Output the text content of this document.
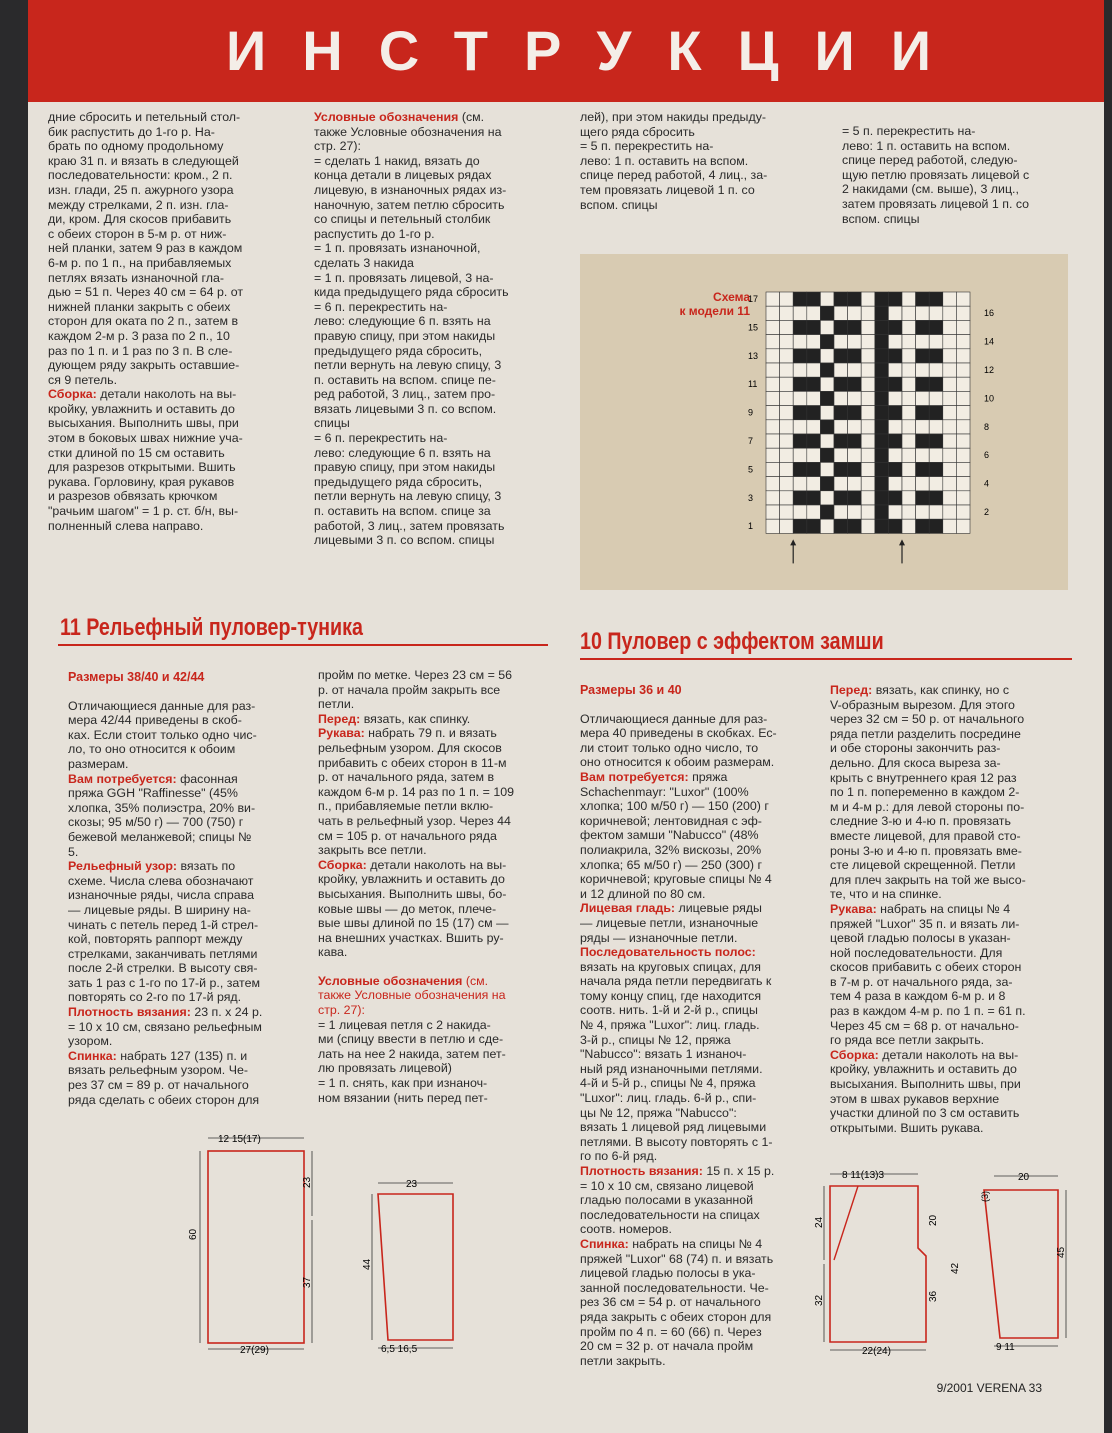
ИНСТРУКЦИИ
дние сбросить и петельный стол-
бик распустить до 1-го р. На-
брать по одному продольному
краю 31 п. и вязать в следующей
последовательности: кром., 2 п.
изн. глади, 25 п. ажурного узора
между стрелками, 2 п. изн. гла-
ди, кром. Для скосов прибавить
с обеих сторон в 5-м р. от ниж-
ней планки, затем 9 раз в каждом
6-м р. по 1 п., на прибавляемых
петлях вязать изнаночной гла-
дью = 51 п. Через 40 см = 64 р. от
нижней планки закрыть с обеих
сторон для оката по 2 п., затем в
каждом 2-м р. 3 раза по 2 п., 10
раз по 1 п. и 1 раз по 3 п. В сле-
дующем ряду закрыть оставшие-
ся 9 петель.
Сборка: детали наколоть на вы-
кройку, увлажнить и оставить до
высыхания. Выполнить швы, при
этом в боковых швах нижние уча-
стки длиной по 15 см оставить
для разрезов открытыми. Вшить
рукава. Горловину, края рукавов
и разрезов обвязать крючком
"рачьим шагом" = 1 р. ст. б/н, вы-
полненный слева направо.
Условные обозначения (см.
также Условные обозначения на
стр. 27):
= сделать 1 накид, вязать до
конца детали в лицевых рядах
лицевую, в изнаночных рядах из-
наночную, затем петлю сбросить
со спицы и петельный столбик
распустить до 1-го р.
= 1 п. провязать изнаночной,
сделать 3 накида
= 1 п. провязать лицевой, 3 на-
кида предыдущего ряда сбросить
= 6 п. перекрестить на-
лево: следующие 6 п. взять на
правую спицу, при этом накиды
предыдущего ряда сбросить,
петли вернуть на левую спицу, 3
п. оставить на вспом. спице пе-
ред работой, 3 лиц., затем про-
вязать лицевыми 3 п. со вспом.
спицы
= 6 п. перекрестить на-
лево: следующие 6 п. взять на
правую спицу, при этом накиды
предыдущего ряда сбросить,
петли вернуть на левую спицу, 3
п. оставить на вспом. спице за
работой, 3 лиц., затем провязать
лицевыми 3 п. со вспом. спицы
лей), при этом накиды предыду-
щего ряда сбросить
= 5 п. перекрестить на-
лево: 1 п. оставить на вспом.
спице перед работой, 4 лиц., за-
тем провязать лицевой 1 п. со
вспом. спицы
= 5 п. перекрестить на-
лево: 1 п. оставить на вспом.
спице перед работой, следую-
щую петлю провязать лицевой с
2 накидами (см. выше), 3 лиц.,
затем провязать лицевой 1 п. со
вспом. спицы
Схема
к модели 11
17
15
13
11
9
7
5
3
1
16
14
12
10
8
6
4
2
11 Рельефный пуловер-туника
10 Пуловер с эффектом замши
Размеры 38/40 и 42/44
Отличающиеся данные для раз-
мера 42/44 приведены в скоб-
ках. Если стоит только одно чис-
ло, то оно относится к обоим
размерам.
Вам потребуется: фасонная
пряжа GGH "Raffinesse" (45%
хлопка, 35% полиэстра, 20% ви-
скозы; 95 м/50 г) — 700 (750) г
бежевой меланжевой; спицы №
5.
Рельефный узор: вязать по
схеме. Числа слева обозначают
изнаночные ряды, числа справа
— лицевые ряды. В ширину на-
чинать с петель перед 1-й стрел-
кой, повторять раппорт между
стрелками, заканчивать петлями
после 2-й стрелки. В высоту свя-
зать 1 раз с 1-го по 17-й р., затем
повторять со 2-го по 17-й ряд.
Плотность вязания: 23 п. х 24 р.
= 10 х 10 см, связано рельефным
узором.
Спинка: набрать 127 (135) п. и
вязать рельефным узором. Че-
рез 37 см = 89 р. от начального
ряда сделать с обеих сторон для
пройм по метке. Через 23 см = 56
р. от начала пройм закрыть все
петли.
Перед: вязать, как спинку.
Рукава: набрать 79 п. и вязать
рельефным узором. Для скосов
прибавить с обеих сторон в 11-м
р. от начального ряда, затем в
каждом 6-м р. 14 раз по 1 п. = 109
п., прибавляемые петли вклю-
чать в рельефный узор. Через 44
см = 105 р. от начального ряда
закрыть все петли.
Сборка: детали наколоть на вы-
кройку, увлажнить и оставить до
высыхания. Выполнить швы, бо-
ковые швы — до меток, плече-
вые швы длиной по 15 (17) см —
на внешних участках. Вшить ру-
кава.
Условные обозначения (см.
также Условные обозначения на
стр. 27):
= 1 лицевая петля с 2 накида-
ми (спицу ввести в петлю и сде-
лать на нее 2 накида, затем пет-
лю провязать лицевой)
= 1 п. снять, как при изнаноч-
ном вязании (нить перед пет-
Размеры 36 и 40
Отличающиеся данные для раз-
мера 40 приведены в скобках. Ес-
ли стоит только одно число, то
оно относится к обоим размерам.
Вам потребуется: пряжа
Schachenmayr: "Luxor" (100%
хлопка; 100 м/50 г) — 150 (200) г
коричневой; лентовидная с эф-
фектом замши "Nabucco" (48%
полиакрила, 32% вискозы, 20%
хлопка; 65 м/50 г) — 250 (300) г
коричневой; круговые спицы № 4
и 12 длиной по 80 см.
Лицевая гладь: лицевые ряды
— лицевые петли, изнаночные
ряды — изнаночные петли.
Последовательность полос:
вязать на круговых спицах, для
начала ряда петли передвигать к
тому концу спиц, где находится
соотв. нить. 1-й и 2-й р., спицы
№ 4, пряжа "Luxor": лиц. гладь.
3-й р., спицы № 12, пряжа
"Nabucco": вязать 1 изнаноч-
ный ряд изнаночными петлями.
4-й и 5-й р., спицы № 4, пряжа
"Luxor": лиц. гладь. 6-й р., спи-
цы № 12, пряжа "Nabucco":
вязать 1 лицевой ряд лицевыми
петлями. В высоту повторять с 1-
го по 6-й ряд.
Плотность вязания: 15 п. х 15 р.
= 10 х 10 см, связано лицевой
гладью полосами в указанной
последовательности на спицах
соотв. номеров.
Спинка: набрать на спицы № 4
пряжей "Luxor" 68 (74) п. и вязать
лицевой гладью полосы в ука-
занной последовательности. Че-
рез 36 см = 54 р. от начального
ряда закрыть с обеих сторон для
пройм по 4 п. = 60 (66) п. Через
20 см = 32 р. от начала пройм
петли закрыть.
Перед: вязать, как спинку, но с
V-образным вырезом. Для этого
через 32 см = 50 р. от начального
ряда петли разделить посредине
и обе стороны закончить раз-
дельно. Для скоса выреза за-
крыть с внутреннего края 12 раз
по 1 п. попеременно в каждом 2-
м и 4-м р.: для левой стороны по-
следние 3-ю и 4-ю п. провязать
вместе лицевой, для правой сто-
роны 3-ю и 4-ю п. провязать вме-
сте лицевой скрещенной. Петли
для плеч закрыть на той же высо-
те, что и на спинке.
Рукава: набрать на спицы № 4
пряжей "Luxor" 35 п. и вязать ли-
цевой гладью полосы в указан-
ной последовательности. Для
скосов прибавить с обеих сторон
в 7-м р. от начального ряда, за-
тем 4 раза в каждом 6-м р. и 8
раз в каждом 4-м р. по 1 п. = 61 п.
Через 45 см = 68 р. от начально-
го ряда все петли закрыть.
Сборка: детали наколоть на вы-
кройку, увлажнить и оставить до
высыхания. Выполнить швы, при
этом в швах рукавов верхние
участки длиной по 3 см оставить
открытыми. Вшить рукава.
12 15(17)
60
23
37
27(29)
23
44
6,5 16,5
8 11(13)3
24
32
20
36
42
22(24)
20
(3)
45
9 11
9/2001 VERENA 33
